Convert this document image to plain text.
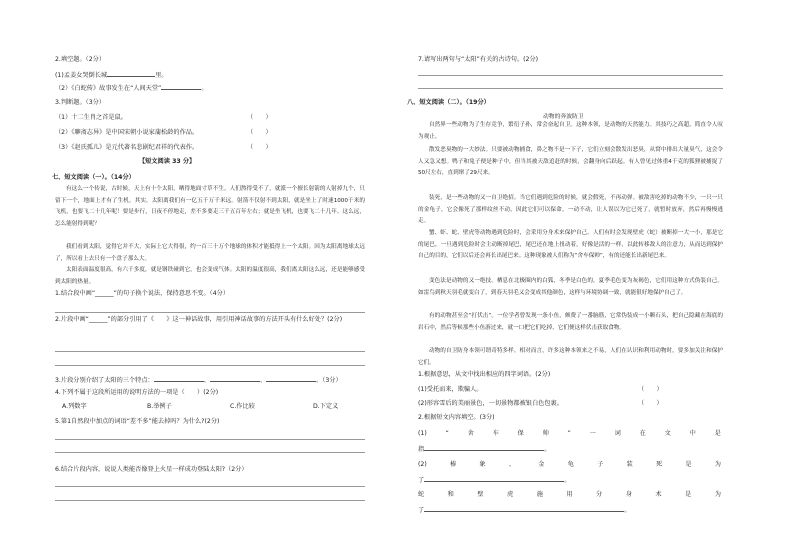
2.填空题。（2分）
(1)孟姜女哭倒长城	里。
（2）《白蛇传》故事发生在“人间天堂”	。
3.判断题。（3分）
（1）十二生肖之首是鼠。	（　　）
（2）《聊斋志异》是中国宋朝小说家蒲松龄的作品。	（　　）
（3）《赵氏孤儿》是元代著名悲剧纪君祥的代表作。	（　　）
【短文阅读 33 分】
七、短文阅读（一）。（14分）
有这么一个传说，古时候，天上有十个太阳，晒得地面寸草不生。人们熬得受不了，就派一个擅长射箭的人射掉九个，只留下一个，地面上才有了生机。其实，太阳离我们有一亿五千万千米远。射箭不仅射不到太阳，就是坐上了时速1000千米的飞机，也要飞二十几年呢！要是步行，日夜不停地走，差不多要走三千五百年左右；就是坐飞机，也要飞二十几年。这么远，怎么能射得到呢？
我们看到太阳，觉得它并不大，实际上它大得很，约一百三十万个地球的体积才能抵得上一个太阳。因为太阳离地球太远了，所以看上去只有一个盘子那么大。
太阳表面温度很高，有六千多度，就是钢铁碰到它，也会变成气体。太阳的温度很高，我们离太阳这么远，还是能够感受到太阳的热量。
1.结合段中画“______”的句子换个说法，保持意思不变。（4分）
2.片段中画“______”的部分引用了《　　》这一神话故事，用引用神话故事的方法开头有什么好处？(2分)
3.片段分别介绍了太阳的三个特点：	、	、	。（3分）
4.下列不属于这段所运用的说明方法的一项是（　　）(2分)
A.列数字	B.举例子	C.作比较	D.下定义
5.第1自然段中加点的词语“差不多”能去掉吗？为什么?(2分)
6.结合片段内容，说说人类能否像登上火星一样成功登陆太阳?（2分）
7.请写出两句与“太阳”有关的古诗句。(2分)
八、短文阅读（二）。（19分）
动物的奔波防卫
自然界一些动物为了生存竞争，繁衍子孙，常会奋起自卫。这种本领，是动物的天然能力。其技巧之高超，简直令人叹为观止。
散发恶臭物的一大妙法。只要被动物捕食，鼻之物不是一下子，它们立刻会散发出恶臭，从窝中排出大量臭气，这会令人又急又想。鸭子和兔子便是种子中，但当其被天敌追赶的时候，会翻身向后跃起。有人曾见过体重4千克的狐狸被捕捉了50尺左右，直到窜了29尺来。
装死，是一些动物的又一自卫绝招。当它们遇到危险的时候，就会假死，不再动弹。被敌害吃掉的动物不少，一只一只的金龟子，它会像死了那样纹丝不动，因此它们可以保命。一动不动，让人误以为它已死了，就暂时放弃，然后再慢慢逃走。
蟹、虾、蛇、壁虎等动物遇到危险时，会采用分身术来保护自己。人们有时会发现壁虎（蛇）被断掉一大一小，那是它的尾巴，一旦遇到危险时会主动断掉尾巴，尾巴还在地上扭动着，好像是活的一样，以此转移敌人的注意力，从而达到保护自己的目的，它们以后还会再长出尾巴来。这种现象被人们称为“舍车保帅”，有的还能长出新尾巴来。
变色法是动物的又一绝技。栖息在北极圈内的白狐，冬季是白色的，夏季毛色变为灰褐色，它们用这种方式伪装自己。如雷鸟到秋天羽毛就变白了，到春天羽毛又会变成其他颜色，这样与环境协调一致，就能很好地保护自己了。
有的动物甚至会“打伏击”。一位学者曾发现一条小鱼，颇费了一番脑筋，它常伪装成一小颗石头，把自己隐藏在海底的岩石中，然后等候那些小鱼游过来，就一口把它们吃掉，它们便这样伏击获取食物。
动物的自卫防身本领可谓奇特多样。相对而言，许多这种本领来之不易，人们在认识和利用动物时，要多加关注和保护它们。
1.根据意思，从文中找出相应的四字词语。(2分)
(1)受托而来，欺骗人。	（　　）
(2)形容雪后的美丽景色，一切景物都被银白色包裹。	（　　）
2.根据短文内容填空。(3分)
(1)	“	舍	车	保	帅	”	一	词	在	文	中	是
指	。
(2)	椿	象	、	金	龟	子	装	死	是	为
了	。
蛇	和	壁	虎	施	用	分	身	术	是	为
了	。
